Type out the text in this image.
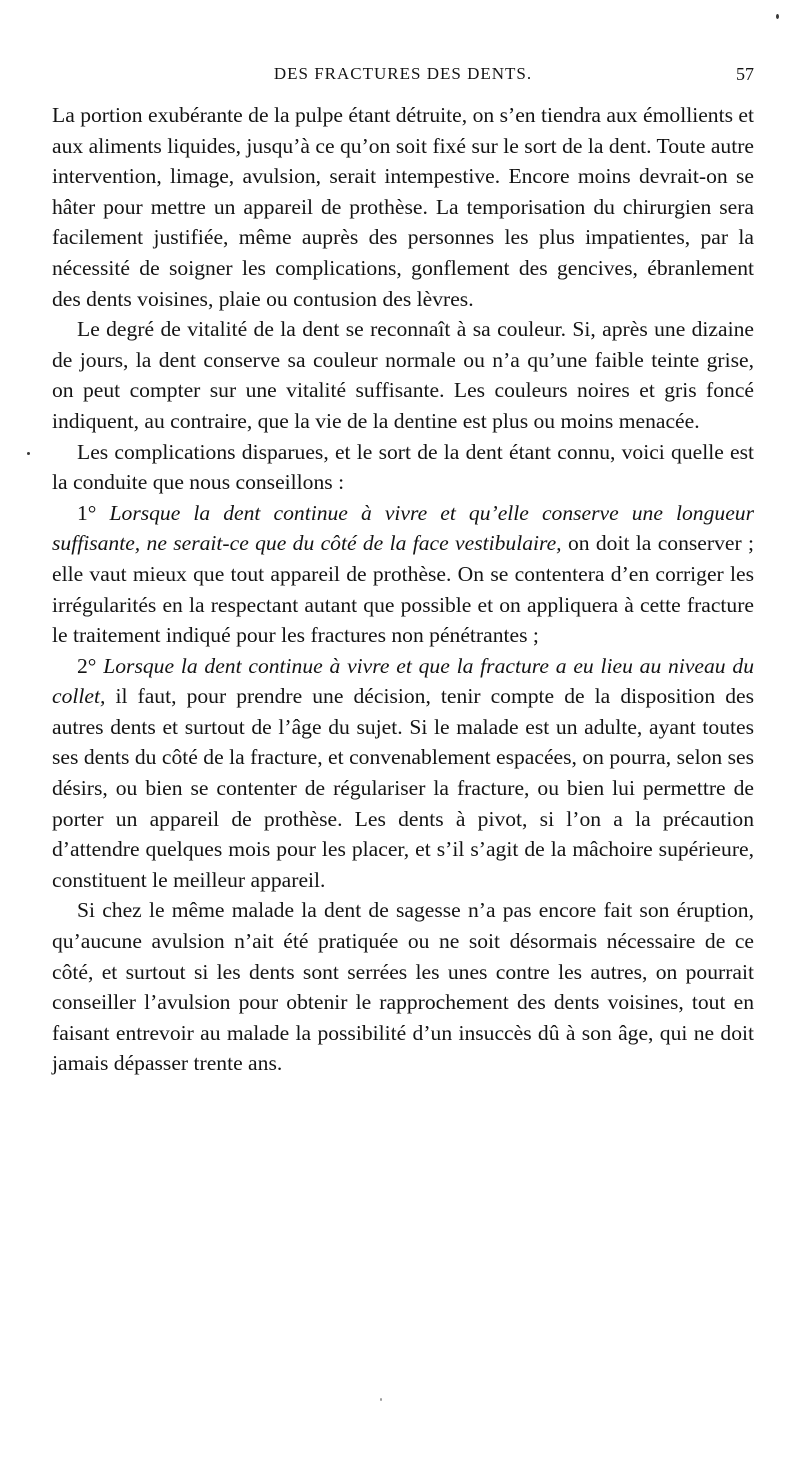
DES FRACTURES DES DENTS.	57

La portion exubérante de la pulpe étant détruite, on s’en tiendra aux émollients et aux aliments liquides, jusqu’à ce qu’on soit fixé sur le sort de la dent. Toute autre intervention, limage, avulsion, serait intempestive. Encore moins devrait-on se hâter pour mettre un appareil de prothèse. La temporisation du chirurgien sera facilement justifiée, même auprès des personnes les plus impatientes, par la nécessité de soigner les complications, gonflement des gencives, ébranlement des dents voisines, plaie ou contusion des lèvres.

Le degré de vitalité de la dent se reconnaît à sa couleur. Si, après une dizaine de jours, la dent conserve sa couleur normale ou n’a qu’une faible teinte grise, on peut compter sur une vitalité suffisante. Les couleurs noires et gris foncé indiquent, au contraire, que la vie de la dentine est plus ou moins menacée.

Les complications disparues, et le sort de la dent étant connu, voici quelle est la conduite que nous conseillons :

1° Lorsque la dent continue à vivre et qu’elle conserve une longueur suffisante, ne serait-ce que du côté de la face vestibulaire, on doit la conserver ; elle vaut mieux que tout appareil de prothèse. On se contentera d’en corriger les irrégularités en la respectant autant que possible et on appliquera à cette fracture le traitement indiqué pour les fractures non pénétrantes ;

2° Lorsque la dent continue à vivre et que la fracture a eu lieu au niveau du collet, il faut, pour prendre une décision, tenir compte de la disposition des autres dents et surtout de l’âge du sujet. Si le malade est un adulte, ayant toutes ses dents du côté de la fracture, et convenablement espacées, on pourra, selon ses désirs, ou bien se contenter de régulariser la fracture, ou bien lui permettre de porter un appareil de prothèse. Les dents à pivot, si l’on a la précaution d’attendre quelques mois pour les placer, et s’il s’agit de la mâchoire supérieure, constituent le meilleur appareil.

Si chez le même malade la dent de sagesse n’a pas encore fait son éruption, qu’aucune avulsion n’ait été pratiquée ou ne soit désormais nécessaire de ce côté, et surtout si les dents sont serrées les unes contre les autres, on pourrait conseiller l’avulsion pour obtenir le rapprochement des dents voisines, tout en faisant entrevoir au malade la possibilité d’un insuccès dû à son âge, qui ne doit jamais dépasser trente ans.
